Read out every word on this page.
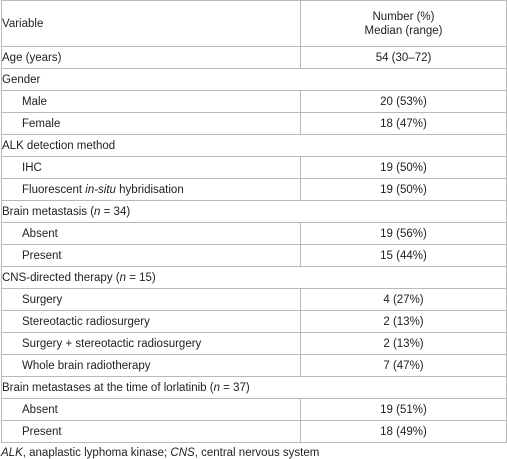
Variable	Number (%)
Median (range)

Age (years)	54 (30–72)
Gender	
Male	20 (53%)
Female	18 (47%)
ALK detection method	
IHC	19 (50%)
Fluorescent in-situ hybridisation	19 (50%)
Brain metastasis (n = 34)	
Absent	19 (56%)
Present	15 (44%)
CNS-directed therapy (n = 15)	
Surgery	4 (27%)
Stereotactic radiosurgery	2 (13%)
Surgery + stereotactic radiosurgery	2 (13%)
Whole brain radiotherapy	7 (47%)
Brain metastases at the time of lorlatinib (n = 37)	
Absent	19 (51%)
Present	18 (49%)
ALK, anaplastic lyphoma kinase; CNS, central nervous system
